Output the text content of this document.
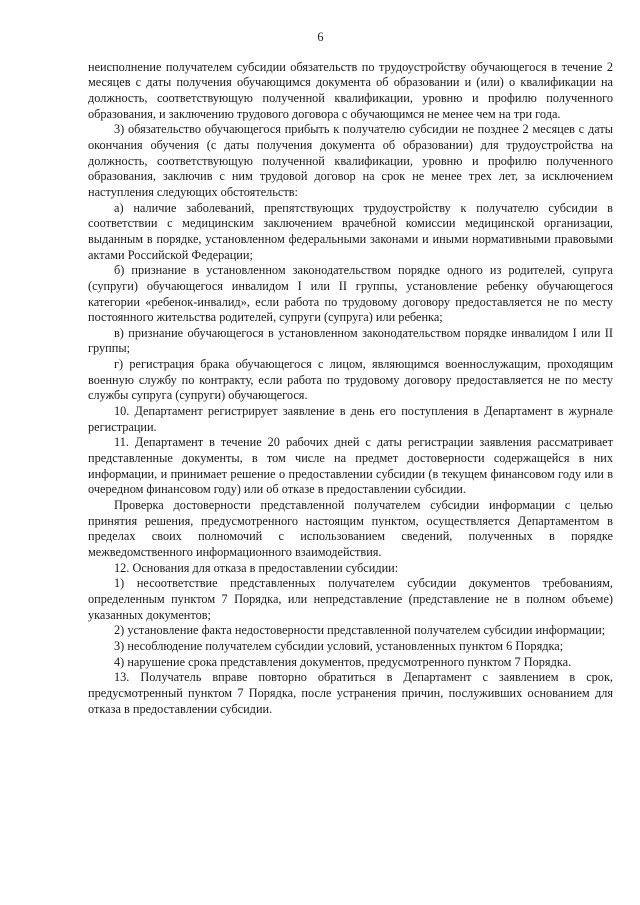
6

неисполнение получателем субсидии обязательств по трудоустройству обучающегося в течение 2 месяцев с даты получения обучающимся документа об образовании и (или) о квалификации на должность, соответствующую полученной квалификации, уровню и профилю полученного образования, и заключению трудового договора с обучающимся не менее чем на три года.

3) обязательство обучающегося прибыть к получателю субсидии не позднее 2 месяцев с даты окончания обучения (с даты получения документа об образовании) для трудоустройства на должность, соответствующую полученной квалификации, уровню и профилю полученного образования, заключив с ним трудовой договор на срок не менее трех лет, за исключением наступления следующих обстоятельств:

а) наличие заболеваний, препятствующих трудоустройству к получателю субсидии в соответствии с медицинским заключением врачебной комиссии медицинской организации, выданным в порядке, установленном федеральными законами и иными нормативными правовыми актами Российской Федерации;

б) признание в установленном законодательством порядке одного из родителей, супруга (супруги) обучающегося инвалидом I или II группы, установление ребенку обучающегося категории «ребенок-инвалид», если работа по трудовому договору предоставляется не по месту постоянного жительства родителей, супруги (супруга) или ребенка;

в) признание обучающегося в установленном законодательством порядке инвалидом I или II группы;

г) регистрация брака обучающегося с лицом, являющимся военнослужащим, проходящим военную службу по контракту, если работа по трудовому договору предоставляется не по месту службы супруга (супруги) обучающегося.

10. Департамент регистрирует заявление в день его поступления в Департамент в журнале регистрации.

11. Департамент в течение 20 рабочих дней с даты регистрации заявления рассматривает представленные документы, в том числе на предмет достоверности содержащейся в них информации, и принимает решение о предоставлении субсидии (в текущем финансовом году или в очередном финансовом году) или об отказе в предоставлении субсидии.

Проверка достоверности представленной получателем субсидии информации с целью принятия решения, предусмотренного настоящим пунктом, осуществляется Департаментом в пределах своих полномочий с использованием сведений, полученных в порядке межведомственного информационного взаимодействия.

12. Основания для отказа в предоставлении субсидии:

1) несоответствие представленных получателем субсидии документов требованиям, определенным пунктом 7 Порядка, или непредставление (представление не в полном объеме) указанных документов;

2) установление факта недостоверности представленной получателем субсидии информации;

3) несоблюдение получателем субсидии условий, установленных пунктом 6 Порядка;

4) нарушение срока представления документов, предусмотренного пунктом 7 Порядка.

13. Получатель вправе повторно обратиться в Департамент с заявлением в срок, предусмотренный пунктом 7 Порядка, после устранения причин, послуживших основанием для отказа в предоставлении субсидии.
